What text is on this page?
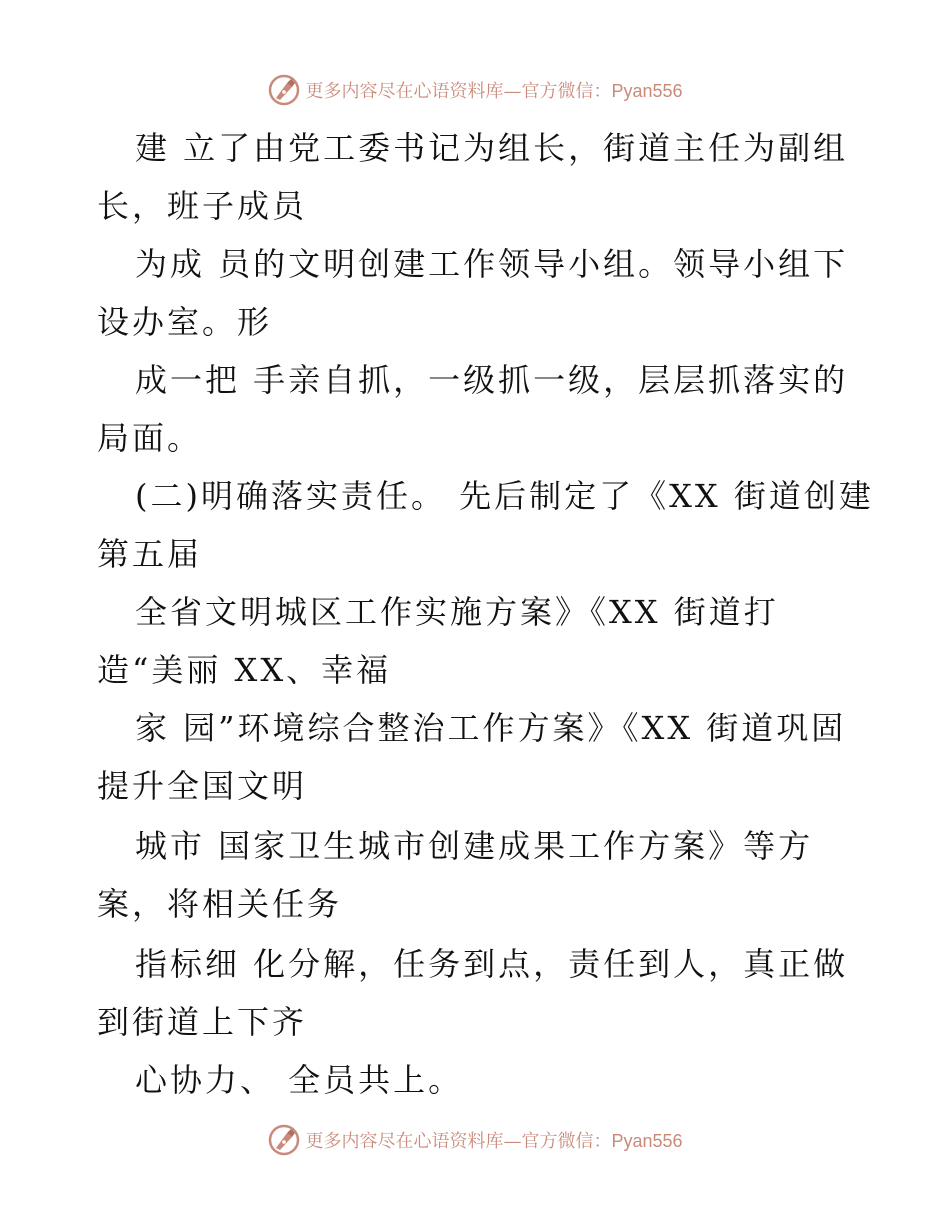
更多内容尽在心语资料库—官方微信：Pyan556
建 立了由党工委书记为组长，街道主任为副组
长，班子成员
为成 员的文明创建工作领导小组。领导小组下
设办室。形
成一把 手亲自抓，一级抓一级，层层抓落实的
局面。
(二)明确落实责任。 先后制定了《XX 街道创建
第五届
全省文明城区工作实施方案》《XX 街道打
造“美丽 XX、幸福
家 园”环境综合整治工作方案》《XX 街道巩固
提升全国文明
城市 国家卫生城市创建成果工作方案》等方
案，将相关任务
指标细 化分解，任务到点，责任到人，真正做
到街道上下齐
心协力、 全员共上。
更多内容尽在心语资料库—官方微信：Pyan556
